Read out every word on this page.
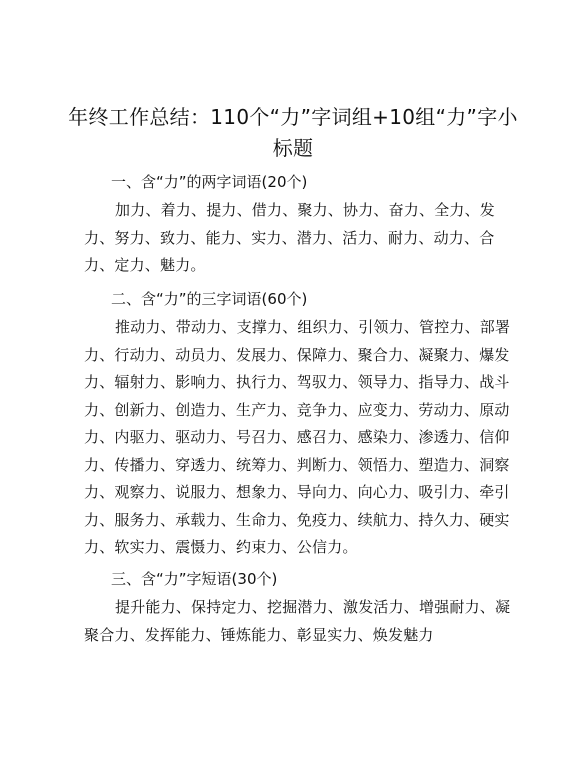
年终工作总结：110个“力”字词组+10组“力”字小标题
一、含“力”的两字词语(20个)
加力、着力、提力、借力、聚力、协力、奋力、全力、发力、努力、致力、能力、实力、潜力、活力、耐力、动力、合力、定力、魅力。
二、含“力”的三字词语(60个)
推动力、带动力、支撑力、组织力、引领力、管控力、部署力、行动力、动员力、发展力、保障力、聚合力、凝聚力、爆发力、辐射力、影响力、执行力、驾驭力、领导力、指导力、战斗力、创新力、创造力、生产力、竞争力、应变力、劳动力、原动力、内驱力、驱动力、号召力、感召力、感染力、渗透力、信仰力、传播力、穿透力、统筹力、判断力、领悟力、塑造力、洞察力、观察力、说服力、想象力、导向力、向心力、吸引力、牵引力、服务力、承载力、生命力、免疫力、续航力、持久力、硬实力、软实力、震慑力、约束力、公信力。
三、含“力”字短语(30个)
提升能力、保持定力、挖掘潜力、激发活力、增强耐力、凝聚合力、发挥能力、锤炼能力、彰显实力、焕发魅力
